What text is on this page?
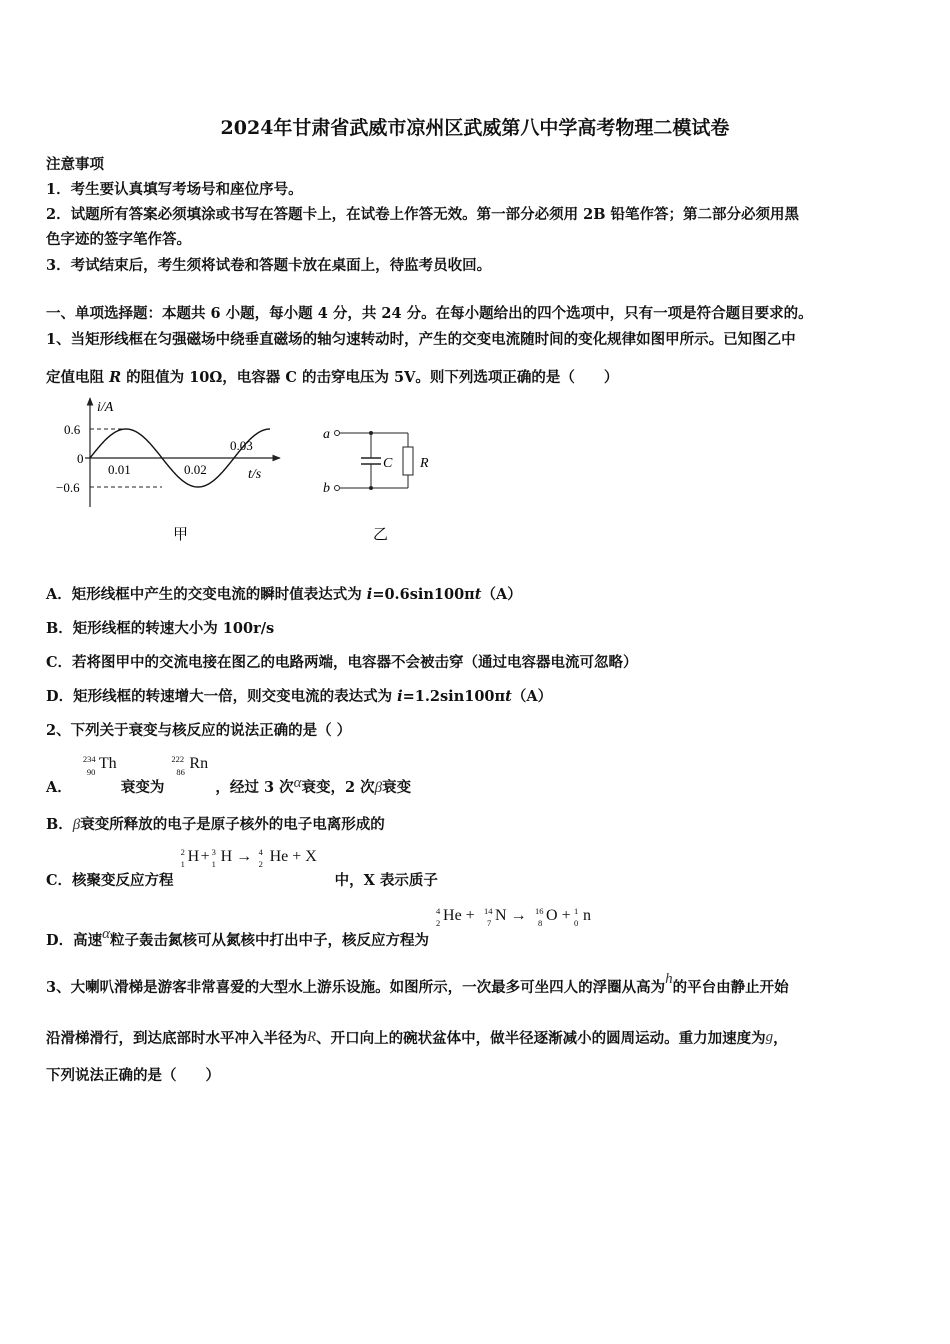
2024年甘肃省武威市凉州区武威第八中学高考物理二模试卷
注意事项
1．考生要认真填写考场号和座位序号。
2．试题所有答案必须填涂或书写在答题卡上，在试卷上作答无效。第一部分必须用 2B 铅笔作答；第二部分必须用黑
色字迹的签字笔作答。
3．考试结束后，考生须将试卷和答题卡放在桌面上，待监考员收回。
一、单项选择题：本题共 6 小题，每小题 4 分，共 24 分。在每小题给出的四个选项中，只有一项是符合题目要求的。
1、当矩形线框在匀强磁场中绕垂直磁场的轴匀速转动时，产生的交变电流随时间的变化规律如图甲所示。已知图乙中
定值电阻 R 的阻值为 10Ω，电容器 C 的击穿电压为 5V。则下列选项正确的是（　　）
i/A
0.6
0
−0.6
0.01	0.02
0.03
t/s
甲
a
b
C R
乙
A．矩形线框中产生的交变电流的瞬时值表达式为 i=0.6sin100πt（A）
B．矩形线框的转速大小为 100r/s
C．若将图甲中的交流电接在图乙的电路两端，电容器不会被击穿（通过电容器电流可忽略）
D．矩形线框的转速增大一倍，则交变电流的表达式为 i=1.2sin100πt（A）
2、下列关于衰变与核反应的说法正确的是（ ）
A．
234
90 Th
衰变为
222
86 Rn
，经过 3 次α衰变，2 次β衰变
B．β衰变所释放的电子是原子核外的电子电离形成的
C．核聚变反应方程
2
1 H + 3
1 H → 4
2 He + X
中，X 表示质子
D．高速α粒子轰击氮核可从氮核中打出中子，核反应方程为
4
2 He + 14
7 N → 16
8 O + 1
0 n
3、大喇叭滑梯是游客非常喜爱的大型水上游乐设施。如图所示，一次最多可坐四人的浮圈从高为h的平台由静止开始
沿滑梯滑行，到达底部时水平冲入半径为R、开口向上的碗状盆体中，做半径逐渐减小的圆周运动。重力加速度为g，
下列说法正确的是（　　）
